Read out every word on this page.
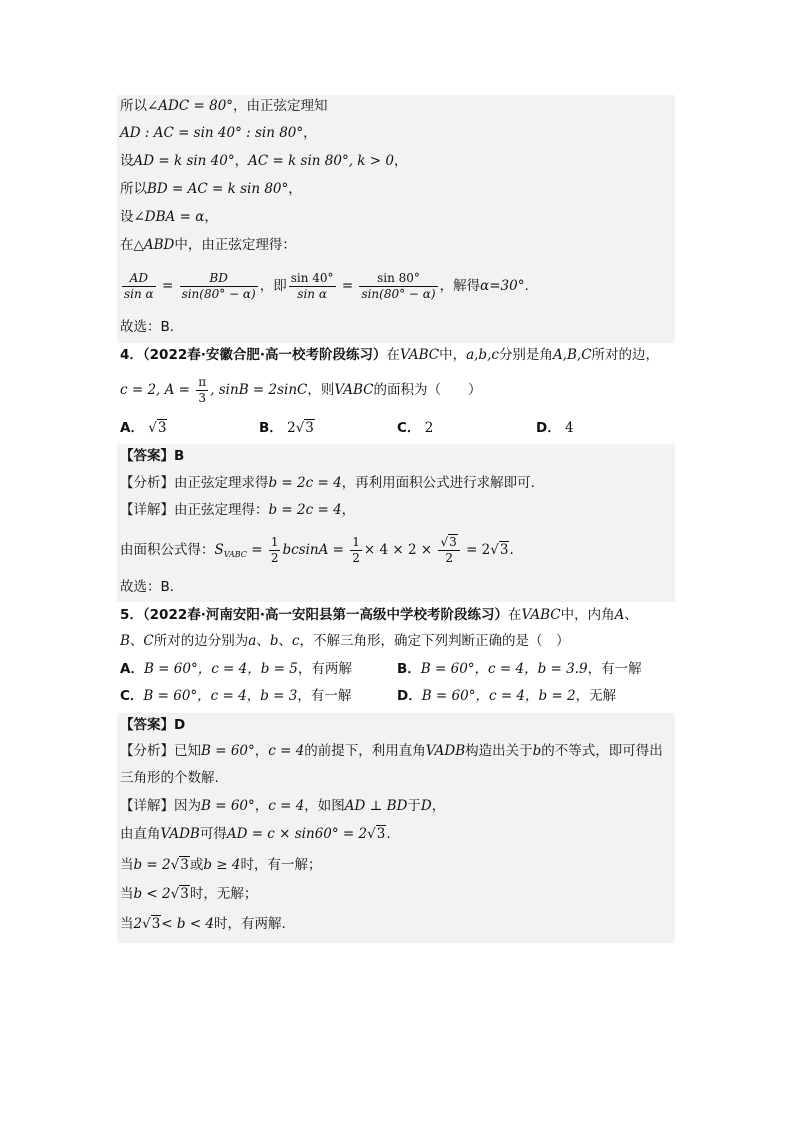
所以∠ADC = 80°，由正弦定理知
AD : AC = sin 40° : sin 80°，
设AD = k sin 40°，AC = k sin 80°, k > 0，
所以BD = AC = k sin 80°，
设∠DBA = α，
在△ABD中，由正弦定理得：
$\frac{AD}{\text{sin α}} = \frac{BD}{\sin(80^\circ - \alpha)}$ ，即 $\frac{\sin 40^\circ}{\text{sin α}} = \frac{\sin 80^\circ}{\sin(80^\circ - \alpha)}$ ，解得α=30°.
故选：B.
4．（2022春·安徽合肥·高一校考阶段练习）在VABC中，a,b,c分别是角A,B,C所对的边，
c = 2, $A = \frac{\pi}{3}$ , sinB = 2sinC，则VABC的面积为（　　）
A． √3	B． 2√3	C． 2	D． 4
【答案】B
【分析】由正弦定理求得b = 2c = 4，再利用面积公式进行求解即可.
【详解】由正弦定理得：b = 2c = 4，
由面积公式得：$S_{VABC} = \frac{1}{2}$ $bcsinA = \frac{1}{2} \times 4 \times 2 \times \frac{√3}{2} = 2√3$.
故选：B．
5．（2022春·河南安阳·高一安阳县第一高级中学校考阶段练习）在VABC中，内角A、
B、C所对的边分别为a、b、c，不解三角形，确定下列判断正确的是（　）
A．B = 60°，c = 4，b = 5，有两解	B．B = 60°，c = 4，b = 3.9，有一解
C．B = 60°，c = 4，b = 3，有一解	D．B = 60°，c = 4，b = 2，无解
【答案】D
【分析】已知B = 60°，c = 4的前提下，利用直角VADB构造出关于b的不等式，即可得出
三角形的个数解.
【详解】因为B = 60°，c = 4，如图AD ⊥ BD于D，
由直角VADB可得AD = c × sin60° = 2√3.
当b = 2√3或b ≥ 4时，有一解；
当b < 2√3时，无解；
当2√3< b < 4时，有两解.
